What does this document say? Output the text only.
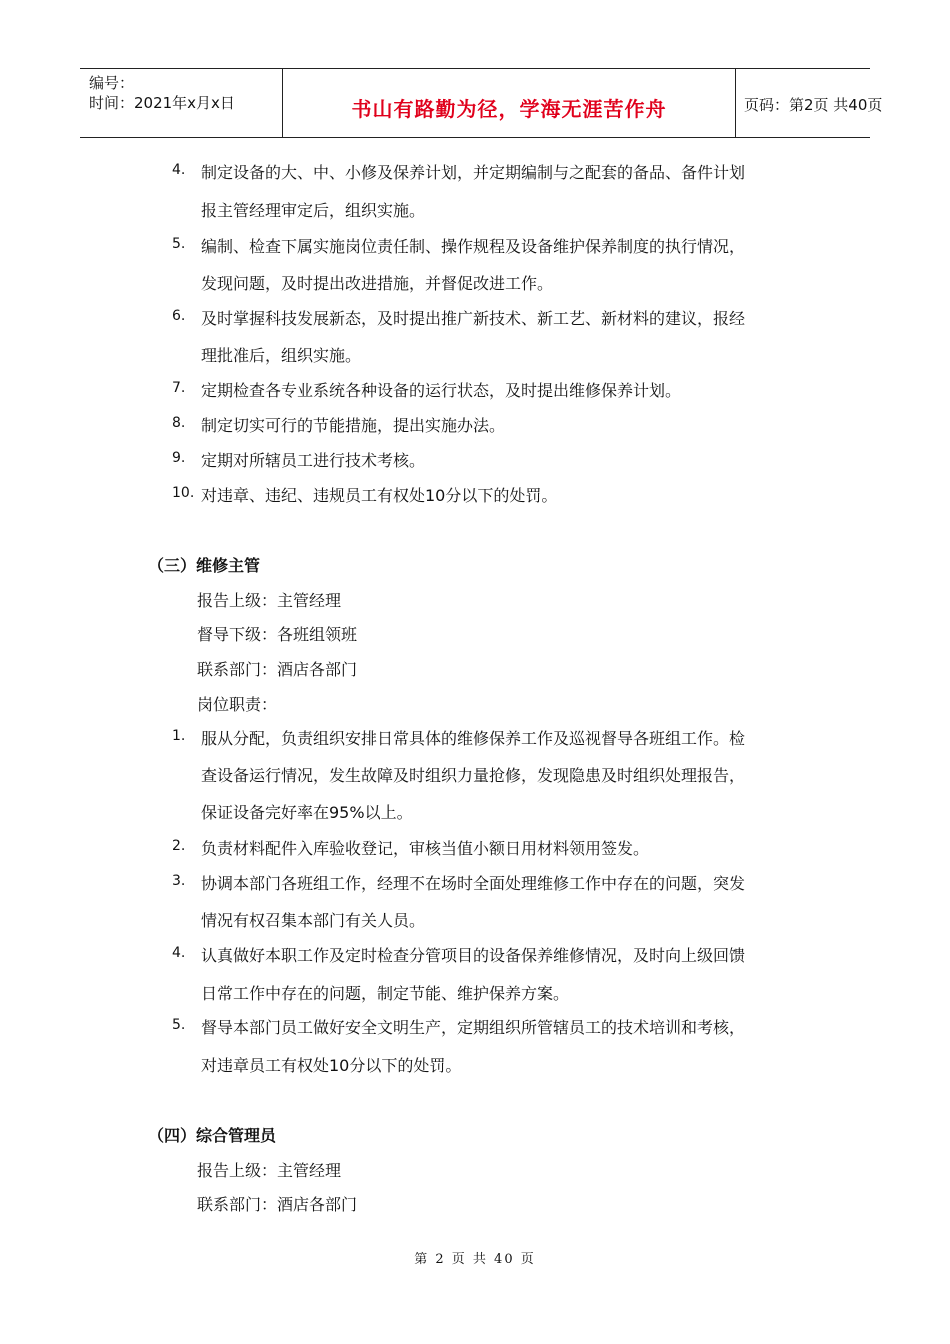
编号：
时间：2021年x月x日	书山有路勤为径，学海无涯苦作舟	页码：第2页 共40页
4. 制定设备的大、中、小修及保养计划，并定期编制与之配套的备品、备件计划
报主管经理审定后，组织实施。
5. 编制、检查下属实施岗位责任制、操作规程及设备维护保养制度的执行情况，
发现问题，及时提出改进措施，并督促改进工作。
6. 及时掌握科技发展新态，及时提出推广新技术、新工艺、新材料的建议，报经
理批准后，组织实施。
7. 定期检查各专业系统各种设备的运行状态，及时提出维修保养计划。
8. 制定切实可行的节能措施，提出实施办法。
9. 定期对所辖员工进行技术考核。
10. 对违章、违纪、违规员工有权处10分以下的处罚。
（三）维修主管
报告上级：主管经理
督导下级：各班组领班
联系部门：酒店各部门
岗位职责：
1. 服从分配，负责组织安排日常具体的维修保养工作及巡视督导各班组工作。检
查设备运行情况，发生故障及时组织力量抢修，发现隐患及时组织处理报告，
保证设备完好率在95%以上。
2. 负责材料配件入库验收登记，审核当值小额日用材料领用签发。
3. 协调本部门各班组工作，经理不在场时全面处理维修工作中存在的问题，突发
情况有权召集本部门有关人员。
4. 认真做好本职工作及定时检查分管项目的设备保养维修情况，及时向上级回馈
日常工作中存在的问题，制定节能、维护保养方案。
5. 督导本部门员工做好安全文明生产，定期组织所管辖员工的技术培训和考核，
对违章员工有权处10分以下的处罚。
（四）综合管理员
报告上级：主管经理
联系部门：酒店各部门
第 2 页 共 40 页
